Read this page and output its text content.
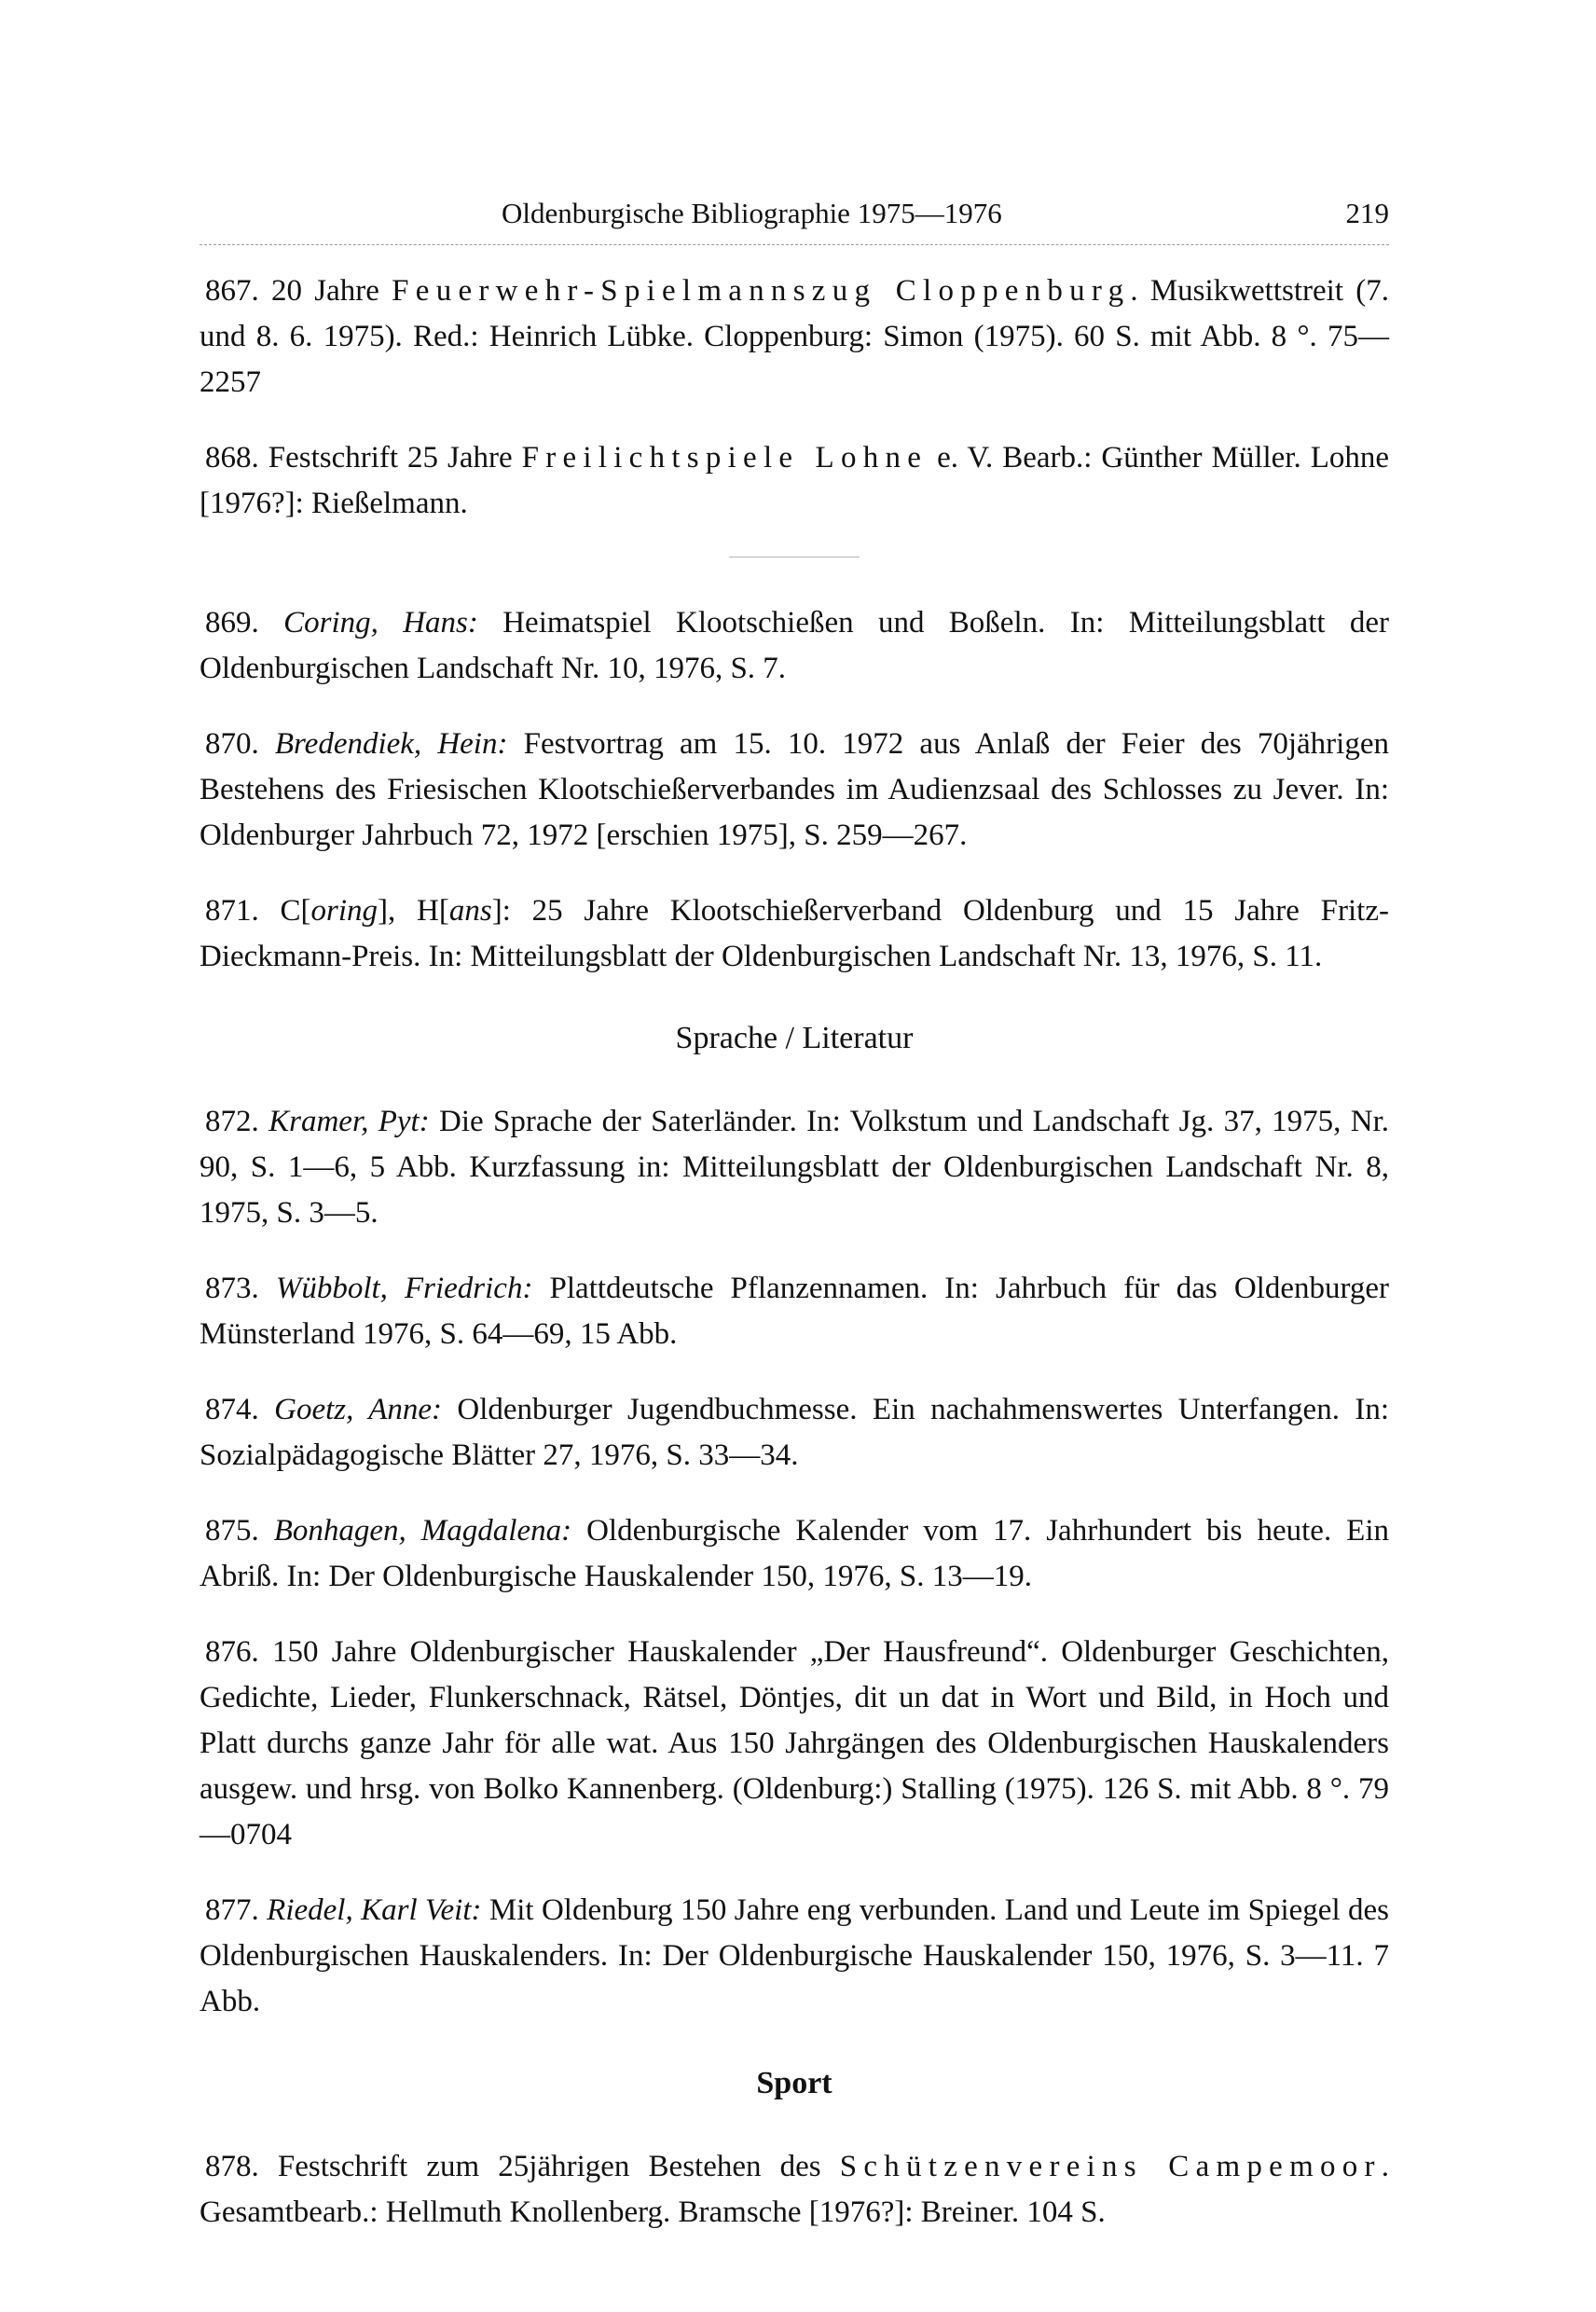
Oldenburgische Bibliographie 1975—1976	219

867. 20 Jahre Feuerwehr-Spielmannszug Cloppenburg. Musikwettstreit (7. und 8. 6. 1975). Red.: Heinrich Lübke. Cloppenburg: Simon (1975). 60 S. mit Abb. 8 °. 75—2257

868. Festschrift 25 Jahre Freilichtspiele Lohne e. V. Bearb.: Günther Müller. Lohne [1976?]: Rießelmann.

869. Coring, Hans: Heimatspiel Klootschießen und Boßeln. In: Mitteilungsblatt der Oldenburgischen Landschaft Nr. 10, 1976, S. 7.

870. Bredendiek, Hein: Festvortrag am 15. 10. 1972 aus Anlaß der Feier des 70jährigen Bestehens des Friesischen Klootschießerverbandes im Audienzsaal des Schlosses zu Jever. In: Oldenburger Jahrbuch 72, 1972 [erschien 1975], S. 259—267.

871. C[oring], H[ans]: 25 Jahre Klootschießerverband Oldenburg und 15 Jahre Fritz-Dieckmann-Preis. In: Mitteilungsblatt der Oldenburgischen Landschaft Nr. 13, 1976, S. 11.

Sprache / Literatur

872. Kramer, Pyt: Die Sprache der Saterländer. In: Volkstum und Landschaft Jg. 37, 1975, Nr. 90, S. 1—6, 5 Abb. Kurzfassung in: Mitteilungsblatt der Oldenburgischen Landschaft Nr. 8, 1975, S. 3—5.

873. Wübbolt, Friedrich: Plattdeutsche Pflanzennamen. In: Jahrbuch für das Oldenburger Münsterland 1976, S. 64—69, 15 Abb.

874. Goetz, Anne: Oldenburger Jugendbuchmesse. Ein nachahmenswertes Unterfangen. In: Sozialpädagogische Blätter 27, 1976, S. 33—34.

875. Bonhagen, Magdalena: Oldenburgische Kalender vom 17. Jahrhundert bis heute. Ein Abriß. In: Der Oldenburgische Hauskalender 150, 1976, S. 13—19.

876. 150 Jahre Oldenburgischer Hauskalender „Der Hausfreund“. Oldenburger Geschichten, Gedichte, Lieder, Flunkerschnack, Rätsel, Döntjes, dit un dat in Wort und Bild, in Hoch und Platt durchs ganze Jahr för alle wat. Aus 150 Jahrgängen des Oldenburgischen Hauskalenders ausgew. und hrsg. von Bolko Kannenberg. (Oldenburg:) Stalling (1975). 126 S. mit Abb. 8 °. 79—0704

877. Riedel, Karl Veit: Mit Oldenburg 150 Jahre eng verbunden. Land und Leute im Spiegel des Oldenburgischen Hauskalenders. In: Der Oldenburgische Hauskalender 150, 1976, S. 3—11. 7 Abb.

Sport

878. Festschrift zum 25jährigen Bestehen des Schützenvereins Campemoor. Gesamtbearb.: Hellmuth Knollenberg. Bramsche [1976?]: Breiner. 104 S.
